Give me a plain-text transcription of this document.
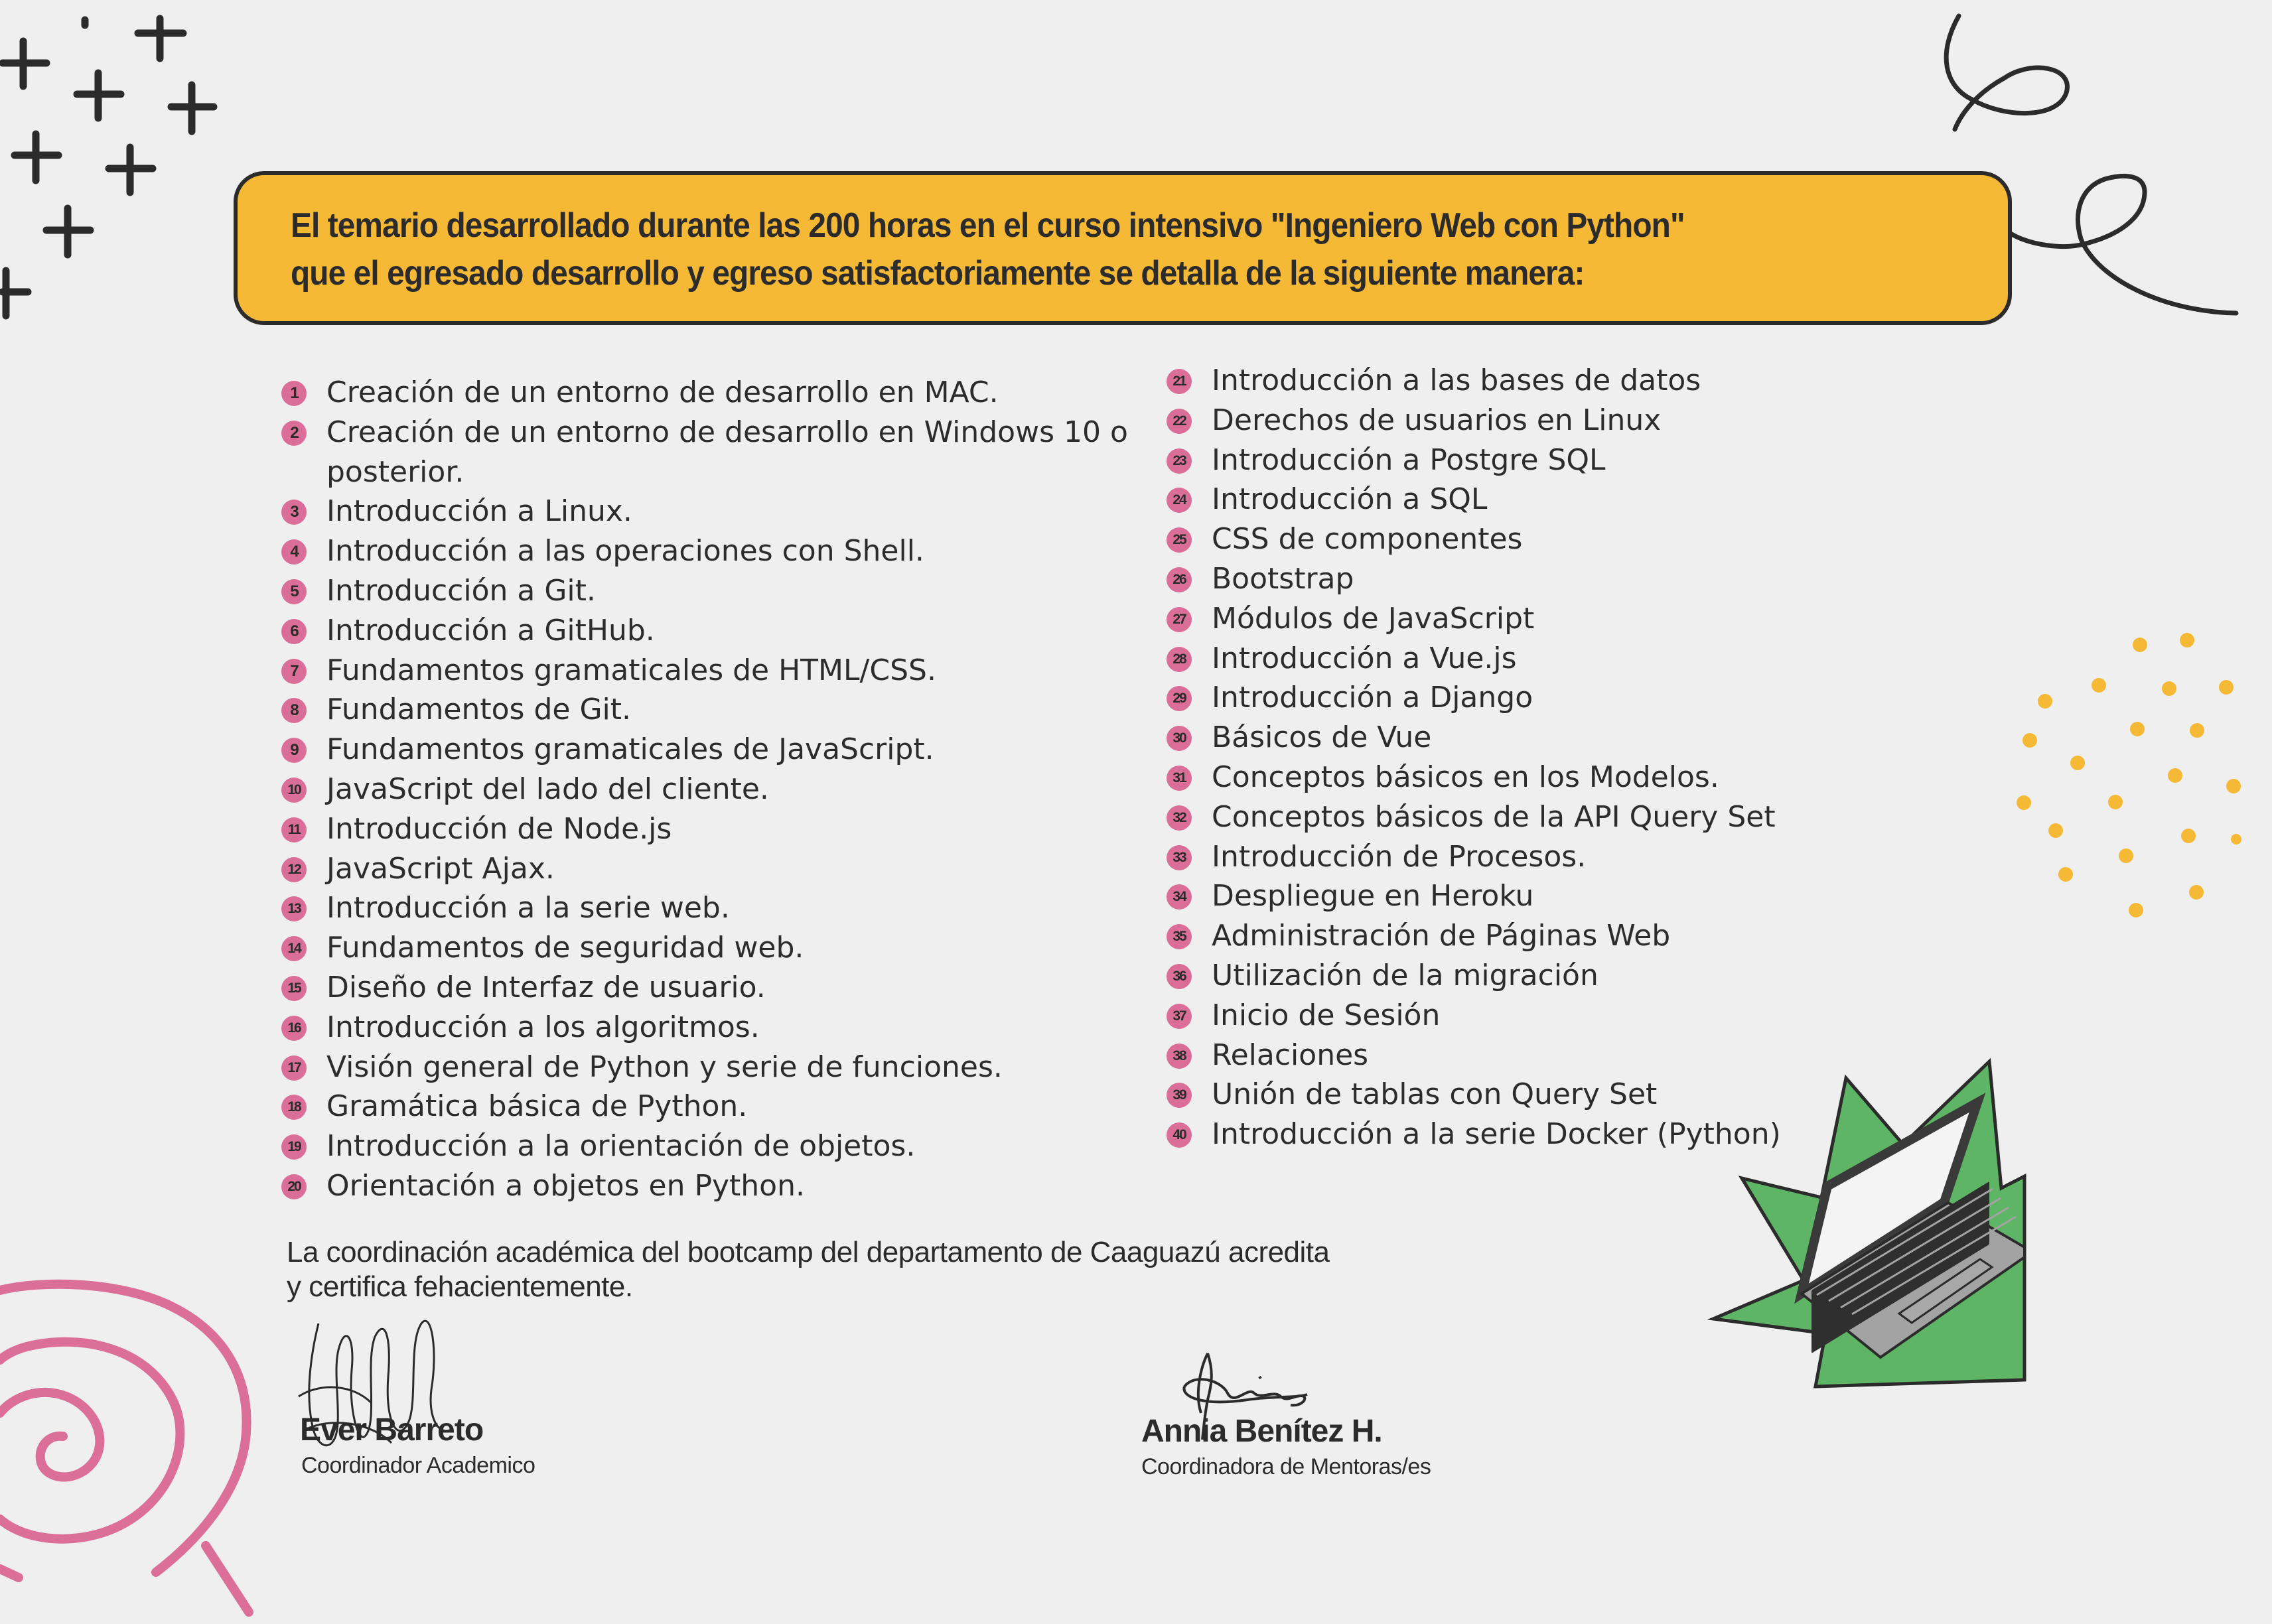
El temario desarrollado durante las 200 horas en el curso intensivo "Ingeniero Web con Python"
que el egresado desarrollo y egreso satisfactoriamente se detalla de la siguiente manera:
1 Creación de un entorno de desarrollo en MAC.
2 Creación de un entorno de desarrollo en Windows 10 o posterior.
3 Introducción a Linux.
4 Introducción a las operaciones con Shell.
5 Introducción a Git.
6 Introducción a GitHub.
7 Fundamentos gramaticales de HTML/CSS.
8 Fundamentos de Git.
9 Fundamentos gramaticales de JavaScript.
10 JavaScript del lado del cliente.
11 Introducción de Node.js
12 JavaScript Ajax.
13 Introducción a la serie web.
14 Fundamentos de seguridad web.
15 Diseño de Interfaz de usuario.
16 Introducción a los algoritmos.
17 Visión general de Python y serie de funciones.
18 Gramática básica de Python.
19 Introducción a la orientación de objetos.
20 Orientación a objetos en Python.
21 Introducción a las bases de datos
22 Derechos de usuarios en Linux
23 Introducción a Postgre SQL
24 Introducción a SQL
25 CSS de componentes
26 Bootstrap
27 Módulos de JavaScript
28 Introducción a Vue.js
29 Introducción a Django
30 Básicos de Vue
31 Conceptos básicos en los Modelos.
32 Conceptos básicos de la API Query Set
33 Introducción de Procesos.
34 Despliegue en Heroku
35 Administración de Páginas Web
36 Utilización de la migración
37 Inicio de Sesión
38 Relaciones
39 Unión de tablas con Query Set
40 Introducción a la serie Docker (Python)
La coordinación académica del bootcamp del departamento de Caaguazú acredita
y certifica fehacientemente.
Ever Barreto
Coordinador Academico
Annia Benítez H.
Coordinadora de Mentoras/es
